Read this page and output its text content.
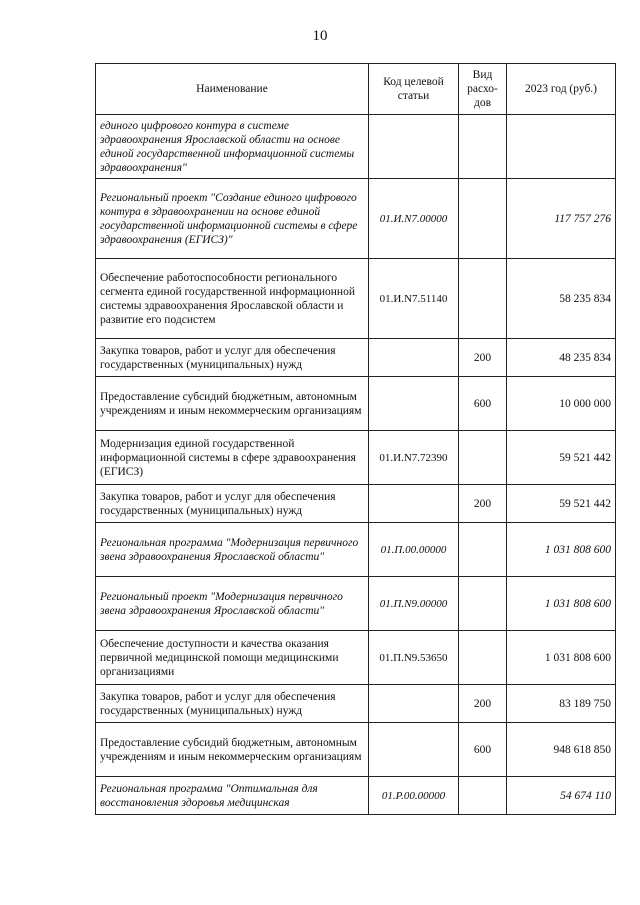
10
Наименование	Код целевой статьи	Вид расхо-дов	2023 год (руб.)
единого цифрового контура в системе здравоохранения Ярославской области на основе единой государственной информационной системы здравоохранения"			
Региональный проект "Создание единого цифрового контура в здравоохранении на основе единой государственной информационной системы в сфере здравоохранения (ЕГИСЗ)"	01.И.N7.00000		117 757 276
Обеспечение работоспособности регионального сегмента единой государственной информационной системы здравоохранения Ярославской области и развитие его подсистем	01.И.N7.51140		58 235 834
Закупка товаров, работ и услуг для обеспечения государственных (муниципальных) нужд		200	48 235 834
Предоставление субсидий бюджетным, автономным учреждениям и иным некоммерческим организациям		600	10 000 000
Модернизация единой государственной информационной системы в сфере здравоохранения (ЕГИСЗ)	01.И.N7.72390		59 521 442
Закупка товаров, работ и услуг для обеспечения государственных (муниципальных) нужд		200	59 521 442
Региональная программа "Модернизация первичного звена здравоохранения Ярославской области"	01.П.00.00000		1 031 808 600
Региональный проект "Модернизация первичного звена здравоохранения Ярославской области"	01.П.N9.00000		1 031 808 600
Обеспечение доступности и качества оказания первичной медицинской помощи медицинскими организациями	01.П.N9.53650		1 031 808 600
Закупка товаров, работ и услуг для обеспечения государственных (муниципальных) нужд		200	83 189 750
Предоставление субсидий бюджетным, автономным учреждениям и иным некоммерческим организациям		600	948 618 850
Региональная программа "Оптимальная для восстановления здоровья медицинская	01.Р.00.00000		54 674 110
